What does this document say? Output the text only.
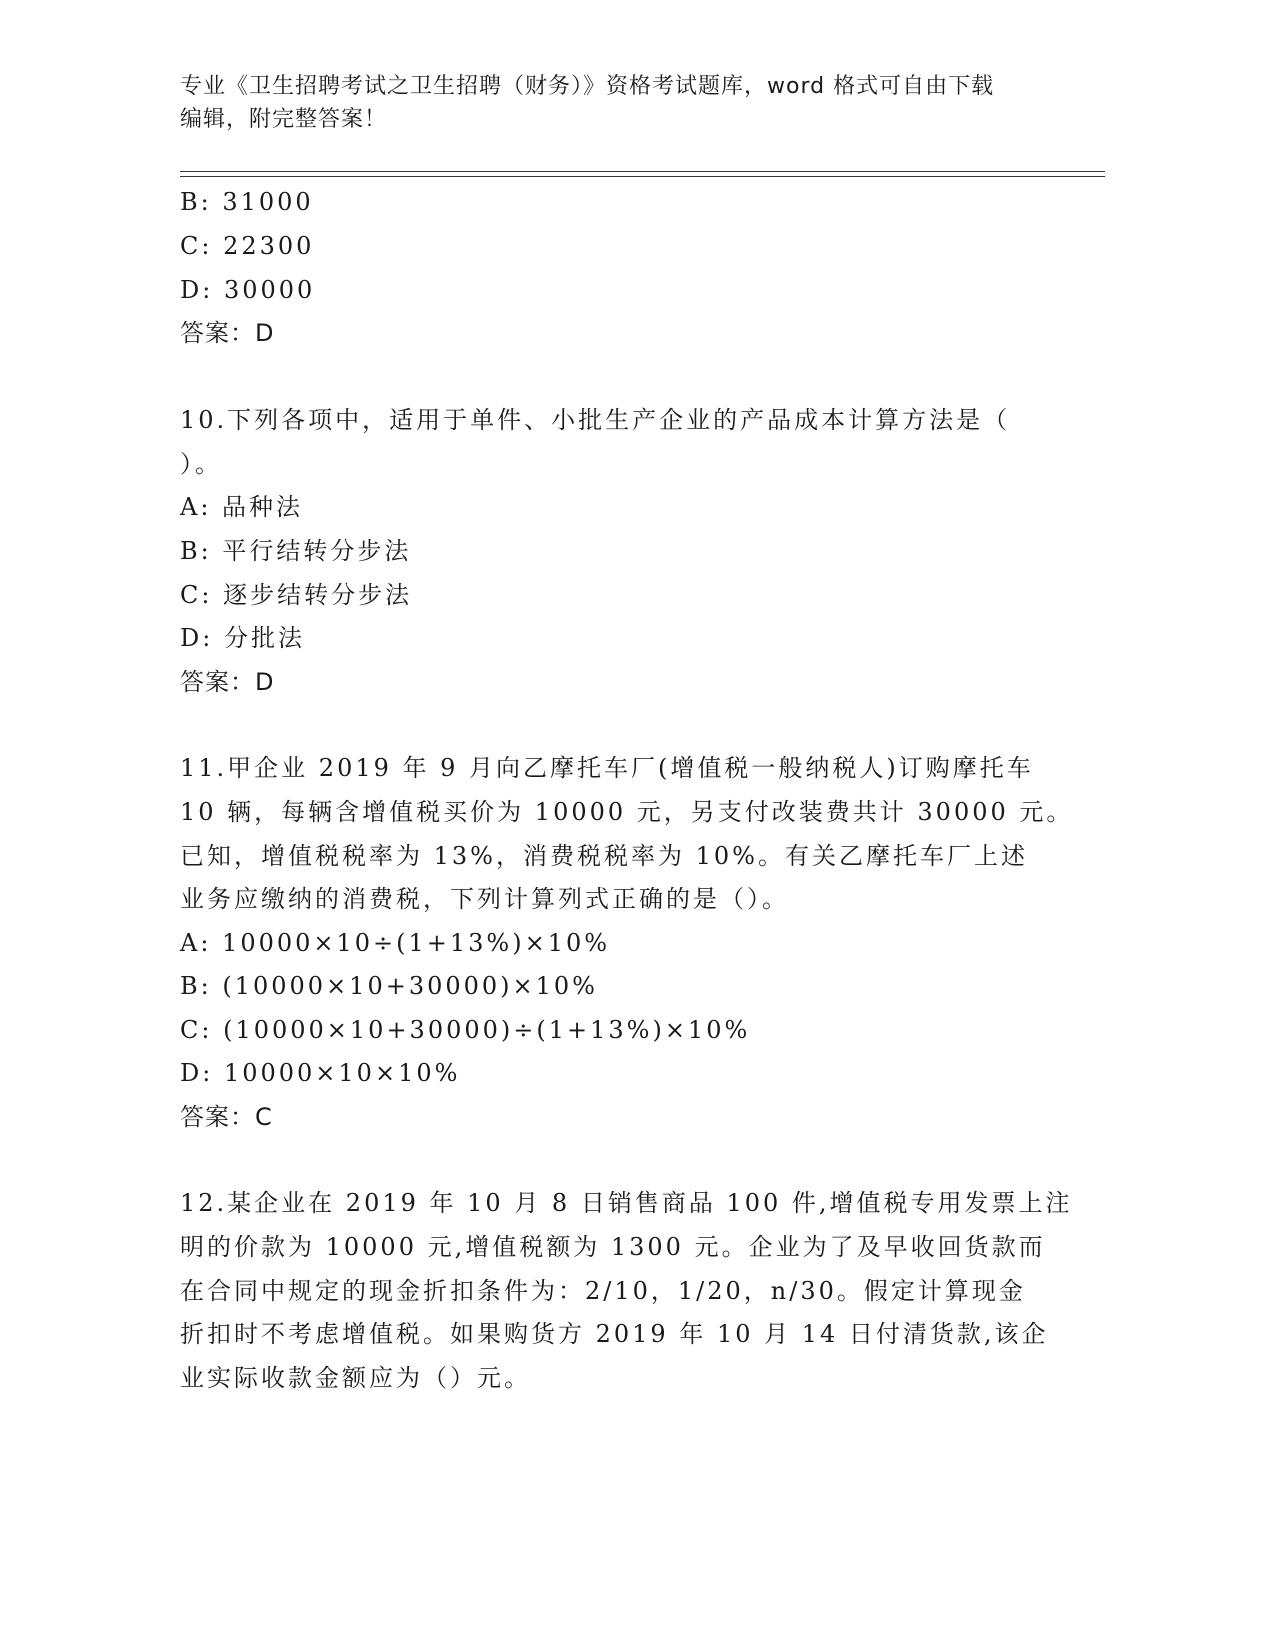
专业《卫生招聘考试之卫生招聘（财务）》资格考试题库，word 格式可自由下载
编辑，附完整答案！
B: 31000
C: 22300
D: 30000
答案：D
10.下列各项中，适用于单件、小批生产企业的产品成本计算方法是（
）。
A: 品种法
B: 平行结转分步法
C: 逐步结转分步法
D: 分批法
答案：D
11.甲企业 2019 年 9 月向乙摩托车厂(增值税一般纳税人)订购摩托车
10 辆，每辆含增值税买价为 10000 元，另支付改装费共计 30000 元。
已知，增值税税率为 13%，消费税税率为 10%。有关乙摩托车厂上述
业务应缴纳的消费税，下列计算列式正确的是（）。
A: 10000×10÷(1+13%)×10%
B: (10000×10+30000)×10%
C: (10000×10+30000)÷(1+13%)×10%
D: 10000×10×10%
答案：C
12.某企业在 2019 年 10 月 8 日销售商品 100 件,增值税专用发票上注
明的价款为 10000 元,增值税额为 1300 元。企业为了及早收回货款而
在合同中规定的现金折扣条件为：2/10，1/20，n/30。假定计算现金
折扣时不考虑增值税。如果购货方 2019 年 10 月 14 日付清货款,该企
业实际收款金额应为（）元。
